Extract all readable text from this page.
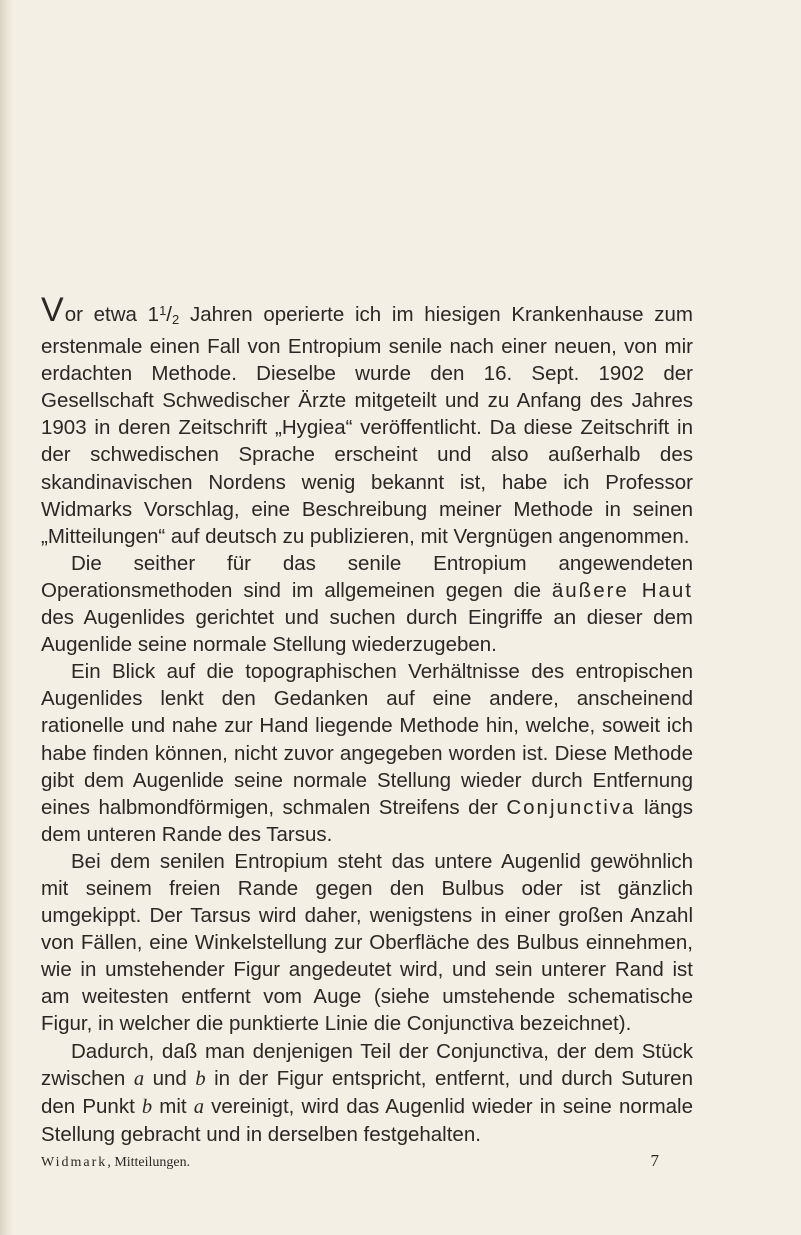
Vor etwa $1^1/2$ Jahren operierte ich im hiesigen Krankenhause zum erstenmale einen Fall von Entropium senile nach einer neuen, von mir erdachten Methode. Dieselbe wurde den 16. Sept. 1902 der Gesellschaft Schwedischer Ärzte mitgeteilt und zu Anfang des Jahres 1903 in deren Zeitschrift „Hygiea“ veröffentlicht. Da diese Zeitschrift in der schwedischen Sprache erscheint und also außerhalb des skandinavischen Nordens wenig bekannt ist, habe ich Professor Widmarks Vorschlag, eine Beschreibung meiner Methode in seinen „Mitteilungen“ auf deutsch zu publizieren, mit Vergnügen angenommen.

Die seither für das senile Entropium angewendeten Operationsmethoden sind im allgemeinen gegen die äußere Haut des Augenlides gerichtet und suchen durch Eingriffe an dieser dem Augenlide seine normale Stellung wiederzugeben.

Ein Blick auf die topographischen Verhältnisse des entropischen Augenlides lenkt den Gedanken auf eine andere, anscheinend rationelle und nahe zur Hand liegende Methode hin, welche, soweit ich habe finden können, nicht zuvor angegeben worden ist. Diese Methode gibt dem Augenlide seine normale Stellung wieder durch Entfernung eines halbmondförmigen, schmalen Streifens der Conjunctiva längs dem unteren Rande des Tarsus.

Bei dem senilen Entropium steht das untere Augenlid gewöhnlich mit seinem freien Rande gegen den Bulbus oder ist gänzlich umgekippt. Der Tarsus wird daher, wenigstens in einer großen Anzahl von Fällen, eine Winkelstellung zur Oberfläche des Bulbus einnehmen, wie in umstehender Figur angedeutet wird, und sein unterer Rand ist am weitesten entfernt vom Auge (siehe umstehende schematische Figur, in welcher die punktierte Linie die Conjunctiva bezeichnet).

Dadurch, daß man denjenigen Teil der Conjunctiva, der dem Stück zwischen a und b in der Figur entspricht, entfernt, und durch Suturen den Punkt b mit a vereinigt, wird das Augenlid wieder in seine normale Stellung gebracht und in derselben festgehalten.

Widmark, Mitteilungen.	7
